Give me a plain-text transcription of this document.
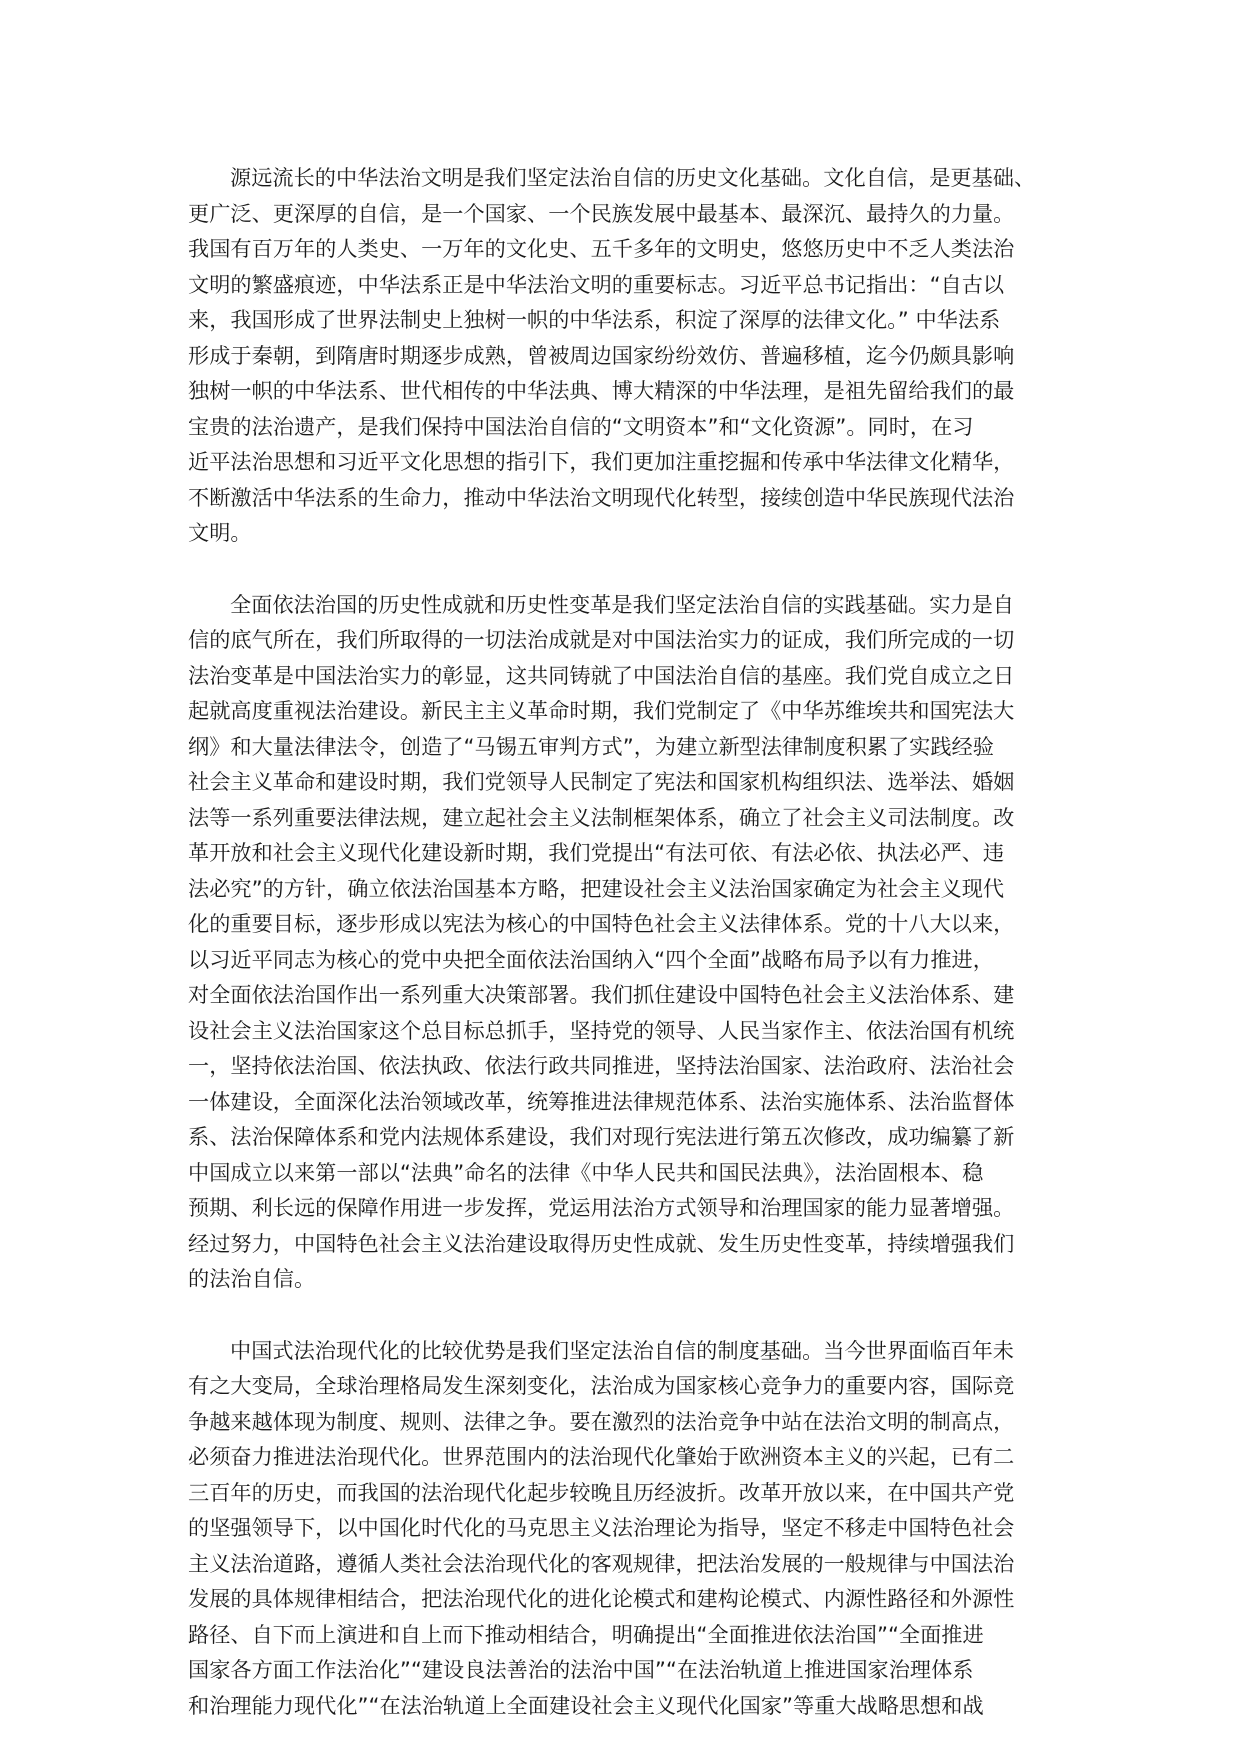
源远流长的中华法治文明是我们坚定法治自信的历史文化基础。文化自信，是更基础、
更广泛、更深厚的自信，是一个国家、一个民族发展中最基本、最深沉、最持久的力量。
我国有百万年的人类史、一万年的文化史、五千多年的文明史，悠悠历史中不乏人类法治
文明的繁盛痕迹，中华法系正是中华法治文明的重要标志。习近平总书记指出：“自古以
来，我国形成了世界法制史上独树一帜的中华法系，积淀了深厚的法律文化。” 中华法系
形成于秦朝，到隋唐时期逐步成熟，曾被周边国家纷纷效仿、普遍移植，迄今仍颇具影响
独树一帜的中华法系、世代相传的中华法典、博大精深的中华法理，是祖先留给我们的最
宝贵的法治遗产，是我们保持中国法治自信的“文明资本”和“文化资源”。同时，在习
近平法治思想和习近平文化思想的指引下，我们更加注重挖掘和传承中华法律文化精华，
不断激活中华法系的生命力，推动中华法治文明现代化转型，接续创造中华民族现代法治
文明。
全面依法治国的历史性成就和历史性变革是我们坚定法治自信的实践基础。实力是自
信的底气所在，我们所取得的一切法治成就是对中国法治实力的证成，我们所完成的一切
法治变革是中国法治实力的彰显，这共同铸就了中国法治自信的基座。我们党自成立之日
起就高度重视法治建设。新民主主义革命时期，我们党制定了《中华苏维埃共和国宪法大
纲》和大量法律法令，创造了“马锡五审判方式”，为建立新型法律制度积累了实践经验
社会主义革命和建设时期，我们党领导人民制定了宪法和国家机构组织法、选举法、婚姻
法等一系列重要法律法规，建立起社会主义法制框架体系，确立了社会主义司法制度。改
革开放和社会主义现代化建设新时期，我们党提出“有法可依、有法必依、执法必严、违
法必究”的方针，确立依法治国基本方略，把建设社会主义法治国家确定为社会主义现代
化的重要目标，逐步形成以宪法为核心的中国特色社会主义法律体系。党的十八大以来，
以习近平同志为核心的党中央把全面依法治国纳入“四个全面”战略布局予以有力推进，
对全面依法治国作出一系列重大决策部署。我们抓住建设中国特色社会主义法治体系、建
设社会主义法治国家这个总目标总抓手，坚持党的领导、人民当家作主、依法治国有机统
一，坚持依法治国、依法执政、依法行政共同推进，坚持法治国家、法治政府、法治社会
一体建设，全面深化法治领域改革，统筹推进法律规范体系、法治实施体系、法治监督体
系、法治保障体系和党内法规体系建设，我们对现行宪法进行第五次修改，成功编纂了新
中国成立以来第一部以“法典”命名的法律《中华人民共和国民法典》，法治固根本、稳
预期、利长远的保障作用进一步发挥，党运用法治方式领导和治理国家的能力显著增强。
经过努力，中国特色社会主义法治建设取得历史性成就、发生历史性变革，持续增强我们
的法治自信。
中国式法治现代化的比较优势是我们坚定法治自信的制度基础。当今世界面临百年未
有之大变局，全球治理格局发生深刻变化，法治成为国家核心竞争力的重要内容，国际竞
争越来越体现为制度、规则、法律之争。要在激烈的法治竞争中站在法治文明的制高点，
必须奋力推进法治现代化。世界范围内的法治现代化肇始于欧洲资本主义的兴起，已有二
三百年的历史，而我国的法治现代化起步较晚且历经波折。改革开放以来，在中国共产党
的坚强领导下，以中国化时代化的马克思主义法治理论为指导，坚定不移走中国特色社会
主义法治道路，遵循人类社会法治现代化的客观规律，把法治发展的一般规律与中国法治
发展的具体规律相结合，把法治现代化的进化论模式和建构论模式、内源性路径和外源性
路径、自下而上演进和自上而下推动相结合，明确提出“全面推进依法治国”“全面推进
国家各方面工作法治化”“建设良法善治的法治中国”“在法治轨道上推进国家治理体系
和治理能力现代化”“在法治轨道上全面建设社会主义现代化国家”等重大战略思想和战
